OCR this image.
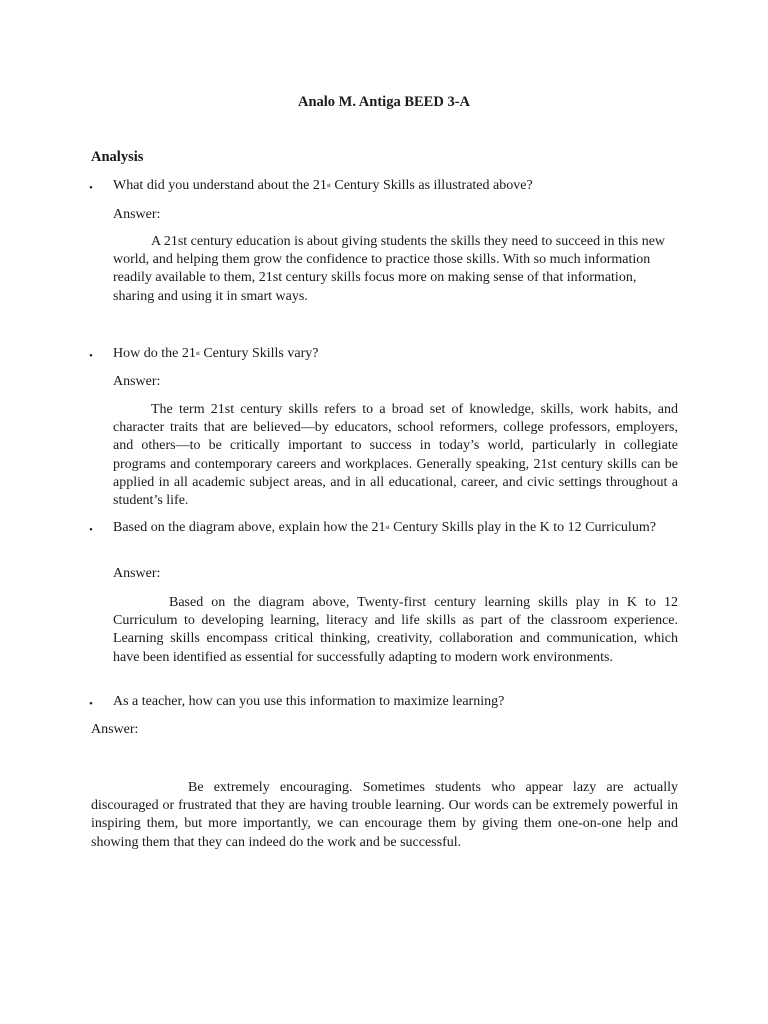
Analo M. Antiga BEED 3-A
Analysis
• What did you understand about the 21st Century Skills as illustrated above?
Answer:
A 21st century education is about giving students the skills they need to succeed in this new world, and helping them grow the confidence to practice those skills. With so much information readily available to them, 21st century skills focus more on making sense of that information, sharing and using it in smart ways.
• How do the 21st Century Skills vary?
Answer:
The term 21st century skills refers to a broad set of knowledge, skills, work habits, and character traits that are believed—by educators, school reformers, college professors, employers, and others—to be critically important to success in today’s world, particularly in collegiate programs and contemporary careers and workplaces. Generally speaking, 21st century skills can be applied in all academic subject areas, and in all educational, career, and civic settings throughout a student’s life.
• Based on the diagram above, explain how the 21st Century Skills play in the K to 12 Curriculum?
Answer:
Based on the diagram above, Twenty-first century learning skills play in K to 12 Curriculum to developing learning, literacy and life skills as part of the classroom experience. Learning skills encompass critical thinking, creativity, collaboration and communication, which have been identified as essential for successfully adapting to modern work environments.
• As a teacher, how can you use this information to maximize learning?
Answer:
Be extremely encouraging. Sometimes students who appear lazy are actually discouraged or frustrated that they are having trouble learning. Our words can be extremely powerful in inspiring them, but more importantly, we can encourage them by giving them one-on-one help and showing them that they can indeed do the work and be successful.
